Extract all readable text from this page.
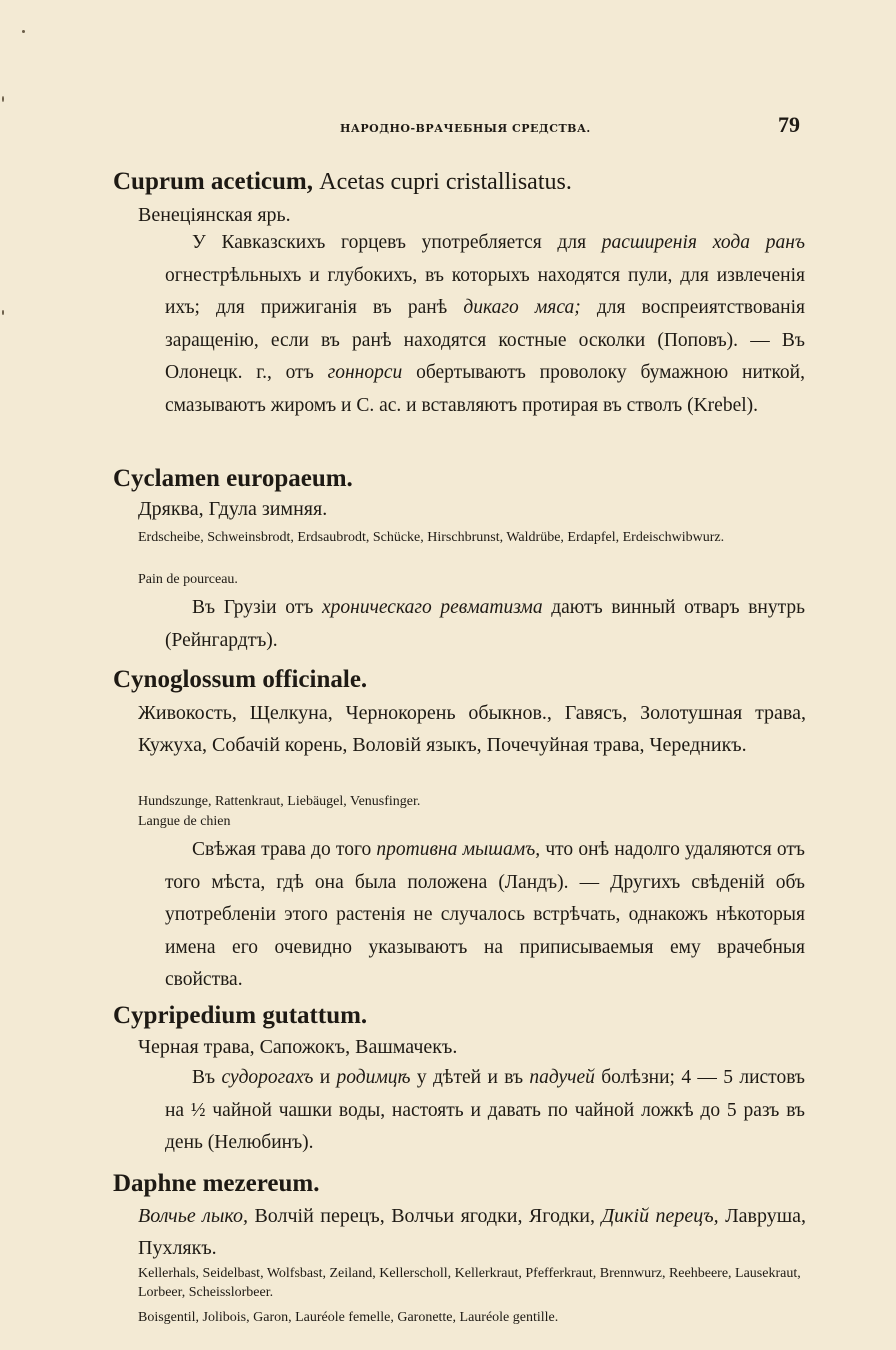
НАРОДНО-ВРАЧЕБНЫЯ СРЕДСТВА.	79
Cuprum aceticum, Acetas cupri cristallisatus.
Венеціянская ярь.
У Кавказскихъ горцевъ употребляется для расширенія хода ранъ огнестрѣльныхъ и глубокихъ, въ которыхъ находятся пули, для извлеченія ихъ; для прижиганія въ ранѣ дикаго мяса; для воспреиятствованія заращенію, если въ ранѣ находятся костные осколки (Поповъ). — Въ Олонецк. г., отъ гоннорси обертываютъ проволоку бумажною ниткой, смазываютъ жиромъ и C. ac. и вставляютъ протирая въ стволъ (Krebel).
Cyclamen europaeum.
Дряква, Гдула зимняя.
Erdscheibe, Schweinsbrodt, Erdsaubrodt, Schücke, Hirschbrunst, Waldrübe, Erdapfel, Erdeischwibwurz.
Pain de pourceau.
Въ Грузіи отъ хроническаго ревматизма даютъ винный отваръ внутрь (Рейнгардтъ).
Cynoglossum officinale.
Живокость, Щелкуна, Чернокорень обыкнов., Гавясъ, Золотушная трава, Кужуха, Собачій корень, Воловій языкъ, Почечуйная трава, Чередникъ.
Hundszunge, Rattenkraut, Liebäugel, Venusfinger.
Langue de chien
Свѣжая трава до того противна мышамъ, что онѣ надолго удаляются отъ того мѣста, гдѣ она была положена (Ландъ). — Другихъ свѣденій объ употребленіи этого растенія не случалось встрѣчать, однакожъ нѣкоторыя имена его очевидно указываютъ на приписываемыя ему врачебныя свойства.
Cypripedium gutattum.
Черная трава, Сапожокъ, Вашмачекъ.
Въ судорогахъ и родимцѣ у дѣтей и въ падучей болѣзни; 4 — 5 листовъ на ½ чайной чашки воды, настоять и давать по чайной ложкѣ до 5 разъ въ день (Нелюбинъ).
Daphne mezereum.
Волчье лыко, Волчій перецъ, Волчьи ягодки, Ягодки, Дикій перецъ, Лавруша, Пухлякъ.
Kellerhals, Seidelbast, Wolfsbast, Zeiland, Kellerscholl, Kellerkraut, Pfefferkraut, Brennwurz, Reehbeere, Lausekraut, Lorbeer, Scheisslorbeer.
Boisgentil, Jolibois, Garon, Lauréole femelle, Garonette, Lauréole gentille.
